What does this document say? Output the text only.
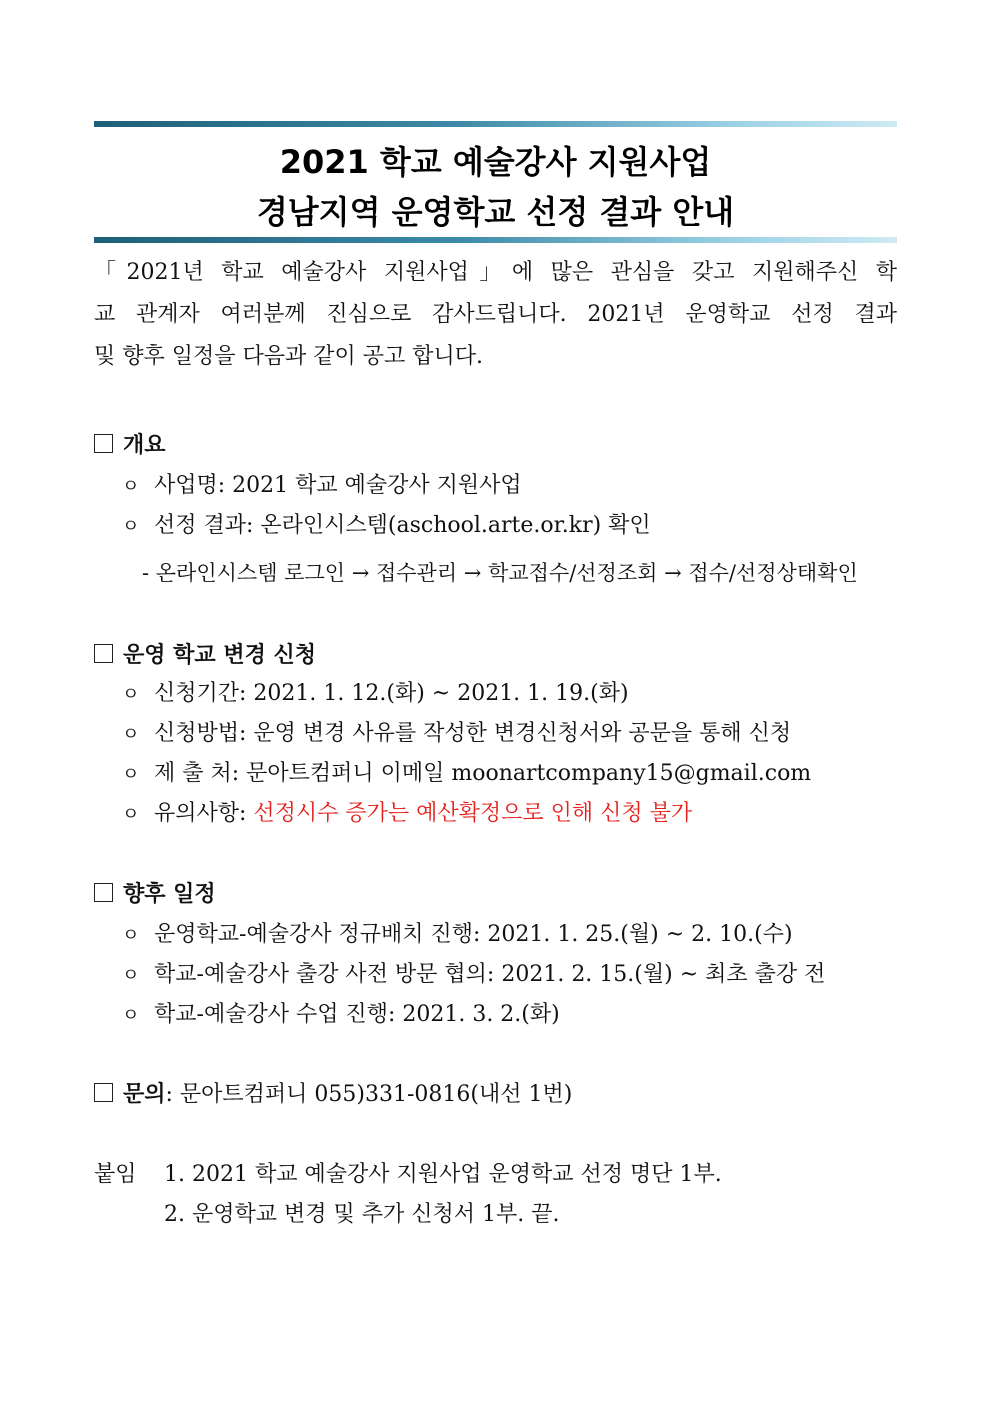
2021 학교 예술강사 지원사업
경남지역 운영학교 선정 결과 안내
「2021년 학교 예술강사 지원사업」에 많은 관심을 갖고 지원해주신 학
교 관계자 여러분께 진심으로 감사드립니다. 2021년 운영학교 선정 결과
및 향후 일정을 다음과 같이 공고 합니다.
개요
ㅇ 사업명: 2021 학교 예술강사 지원사업
ㅇ 선정 결과: 온라인시스템(aschool.arte.or.kr) 확인
- 온라인시스템 로그인 → 접수관리 → 학교접수/선정조회 → 접수/선정상태확인
운영 학교 변경 신청
ㅇ 신청기간: 2021. 1. 12.(화) ~ 2021. 1. 19.(화)
ㅇ 신청방법: 운영 변경 사유를 작성한 변경신청서와 공문을 통해 신청
ㅇ 제 출 처: 문아트컴퍼니 이메일 moonartcompany15@gmail.com
ㅇ 유의사항: 선정시수 증가는 예산확정으로 인해 신청 불가
향후 일정
ㅇ 운영학교-예술강사 정규배치 진행: 2021. 1. 25.(월) ~ 2. 10.(수)
ㅇ 학교-예술강사 출강 사전 방문 협의: 2021. 2. 15.(월) ~ 최초 출강 전
ㅇ 학교-예술강사 수업 진행: 2021. 3. 2.(화)
문의 : 문아트컴퍼니 055)331-0816(내선 1번)
붙임 1. 2021 학교 예술강사 지원사업 운영학교 선정 명단 1부.
2. 운영학교 변경 및 추가 신청서 1부. 끝.
